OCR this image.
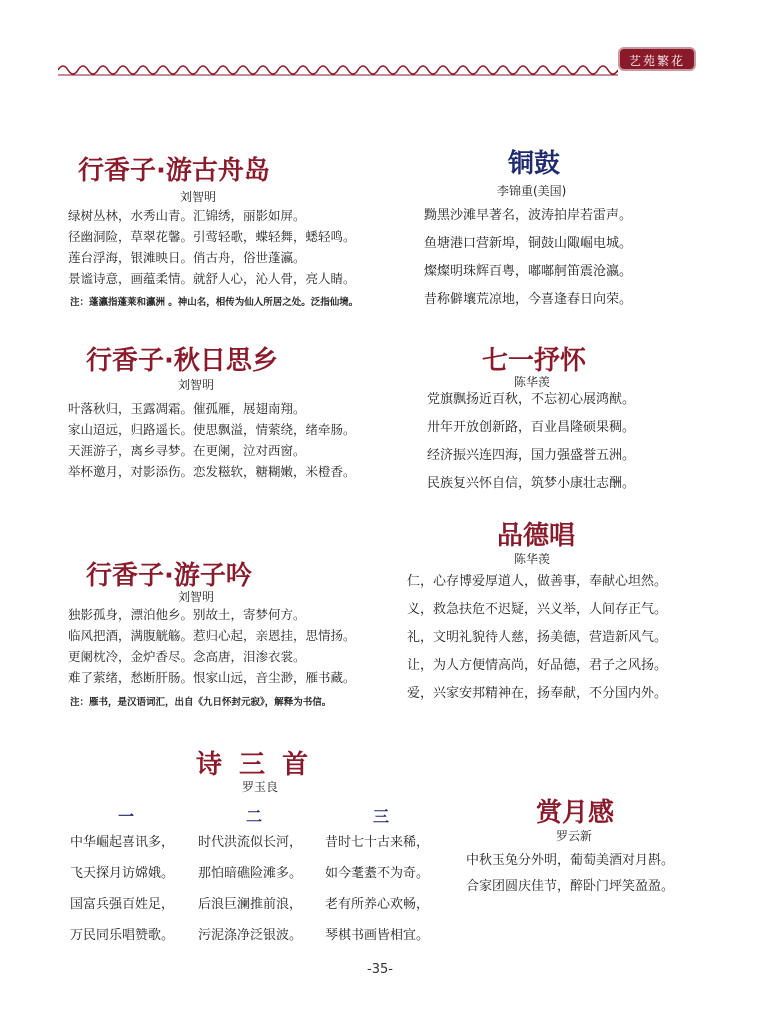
艺苑繁花
行香子·游古舟岛
刘智明
绿树丛林，水秀山青。汇锦绣，丽影如屏。
径幽洞险，草翠花馨。引莺轻歌，蝶轻舞，蟋轻鸣。
莲台浮海，银滩映日。俏古舟，俗世蓬瀛。
景谧诗意，画蕴柔情。就舒人心，沁人骨，亮人睛。
注：蓬瀛指蓬莱和瀛洲 。神山名，相传为仙人所居之处。泛指仙境。
行香子·秋日思乡
刘智明
叶落秋归，玉露凋霜。催孤雁，展翅南翔。
家山迢远，归路遥长。使思飘溢，情萦绕，绪牵肠。
天涯游子，离乡寻梦。在更阑，泣对西窗。
举杯邀月，对影添伤。恋发糍软，糖糊嫩，米橙香。
行香子·游子吟
刘智明
独影孤身，漂泊他乡。别故土，寄梦何方。
临风把酒，满腹觥觞。惹归心起，亲恩挂，思情扬。
更阑枕冷，金炉香尽。念高唐，泪渗衣裳。
难了萦绪，愁断肝肠。恨家山远，音尘渺，雁书藏。
注：雁书，是汉语词汇，出自《九日怀封元寂》，解释为书信。
铜鼓
李锦重(美国)
黝黑沙滩早著名，波涛拍岸若雷声。
鱼塘港口营新埠，铜鼓山陬崛电城。
燦燦明珠辉百粤，嘟嘟舸笛震沧瀛。
昔称僻壤荒凉地，今喜逢春日向荣。
七一抒怀
陈华羡
党旗飘扬近百秋，不忘初心展鸿猷。
卅年开放创新路，百业昌隆硕果稠。
经济振兴连四海，国力强盛誉五洲。
民族复兴怀自信，筑梦小康壮志酬。
品德唱
陈华羡
仁，心存博爱厚道人，做善事，奉献心坦然。
义，救急扶危不迟疑，兴义举，人间存正气。
礼，文明礼貌待人慈，扬美德，营造新风气。
让，为人方便情高尚，好品德，君子之风扬。
爱，兴家安邦精神在，扬奉献，不分国内外。
诗 三 首
罗玉良
一
中华崛起喜讯多，
飞天探月访嫦娥。
国富兵强百姓足，
万民同乐唱赞歌。
二
时代洪流似长河，
那怕暗礁险滩多。
后浪巨澜推前浪，
污泥涤净泛银波。
三
昔时七十古来稀，
如今耄耋不为奇。
老有所养心欢畅，
琴棋书画皆相宜。
赏月感
罗云新
中秋玉兔分外明，葡萄美酒对月斟。
合家团圆庆佳节，醉卧门坪笑盈盈。
-35-
